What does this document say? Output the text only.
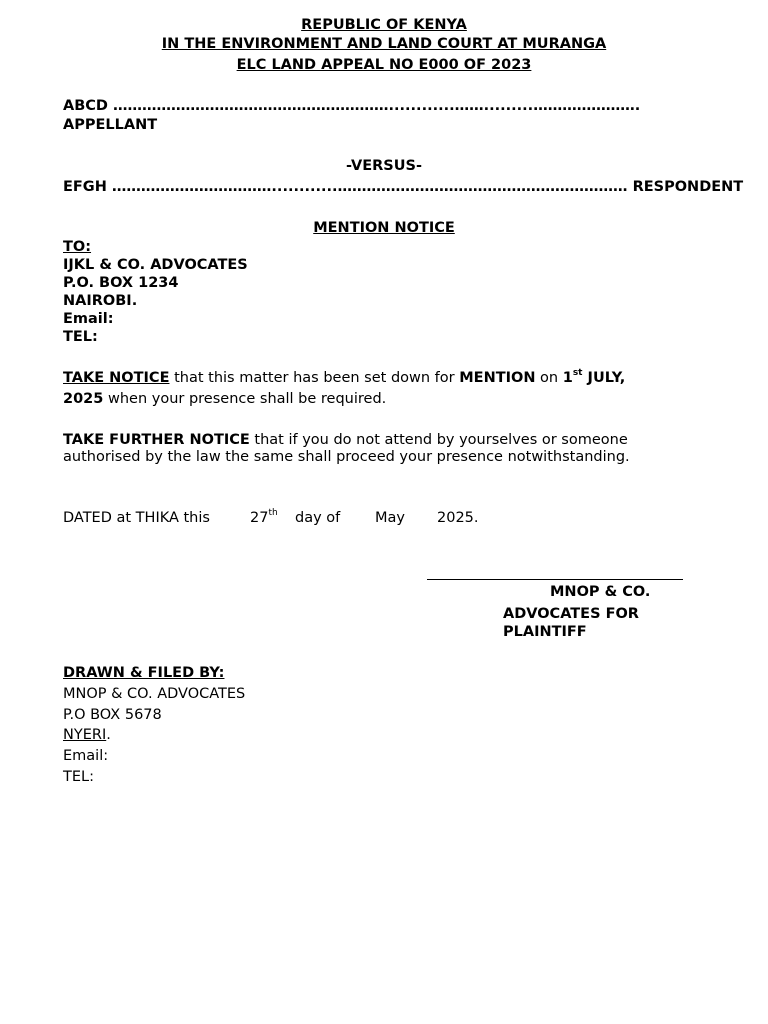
REPUBLIC OF KENYA
IN THE ENVIRONMENT AND LAND COURT AT MURANGA
ELC LAND APPEAL NO E000 OF 2023
ABCD …………………………………………………............…….........………………….
APPELLANT
-VERSUS-
EFGH ……………………………............…………………………………………………… RESPONDENT
MENTION NOTICE
TO:
IJKL & CO. ADVOCATES
P.O. BOX 1234
NAIROBI.
Email:
TEL:
TAKE NOTICE that this matter has been set down for MENTION on 1st JULY,
2025 when your presence shall be required.
TAKE FURTHER NOTICE that if you do not attend by yourselves or someone
authorised by the law the same shall proceed your presence notwithstanding.
DATED at THIKA this	27th day of May 2025.
MNOP & CO.
ADVOCATES FOR
PLAINTIFF
DRAWN & FILED BY:
MNOP & CO. ADVOCATES
P.O BOX 5678
NYERI.
Email:
TEL:
